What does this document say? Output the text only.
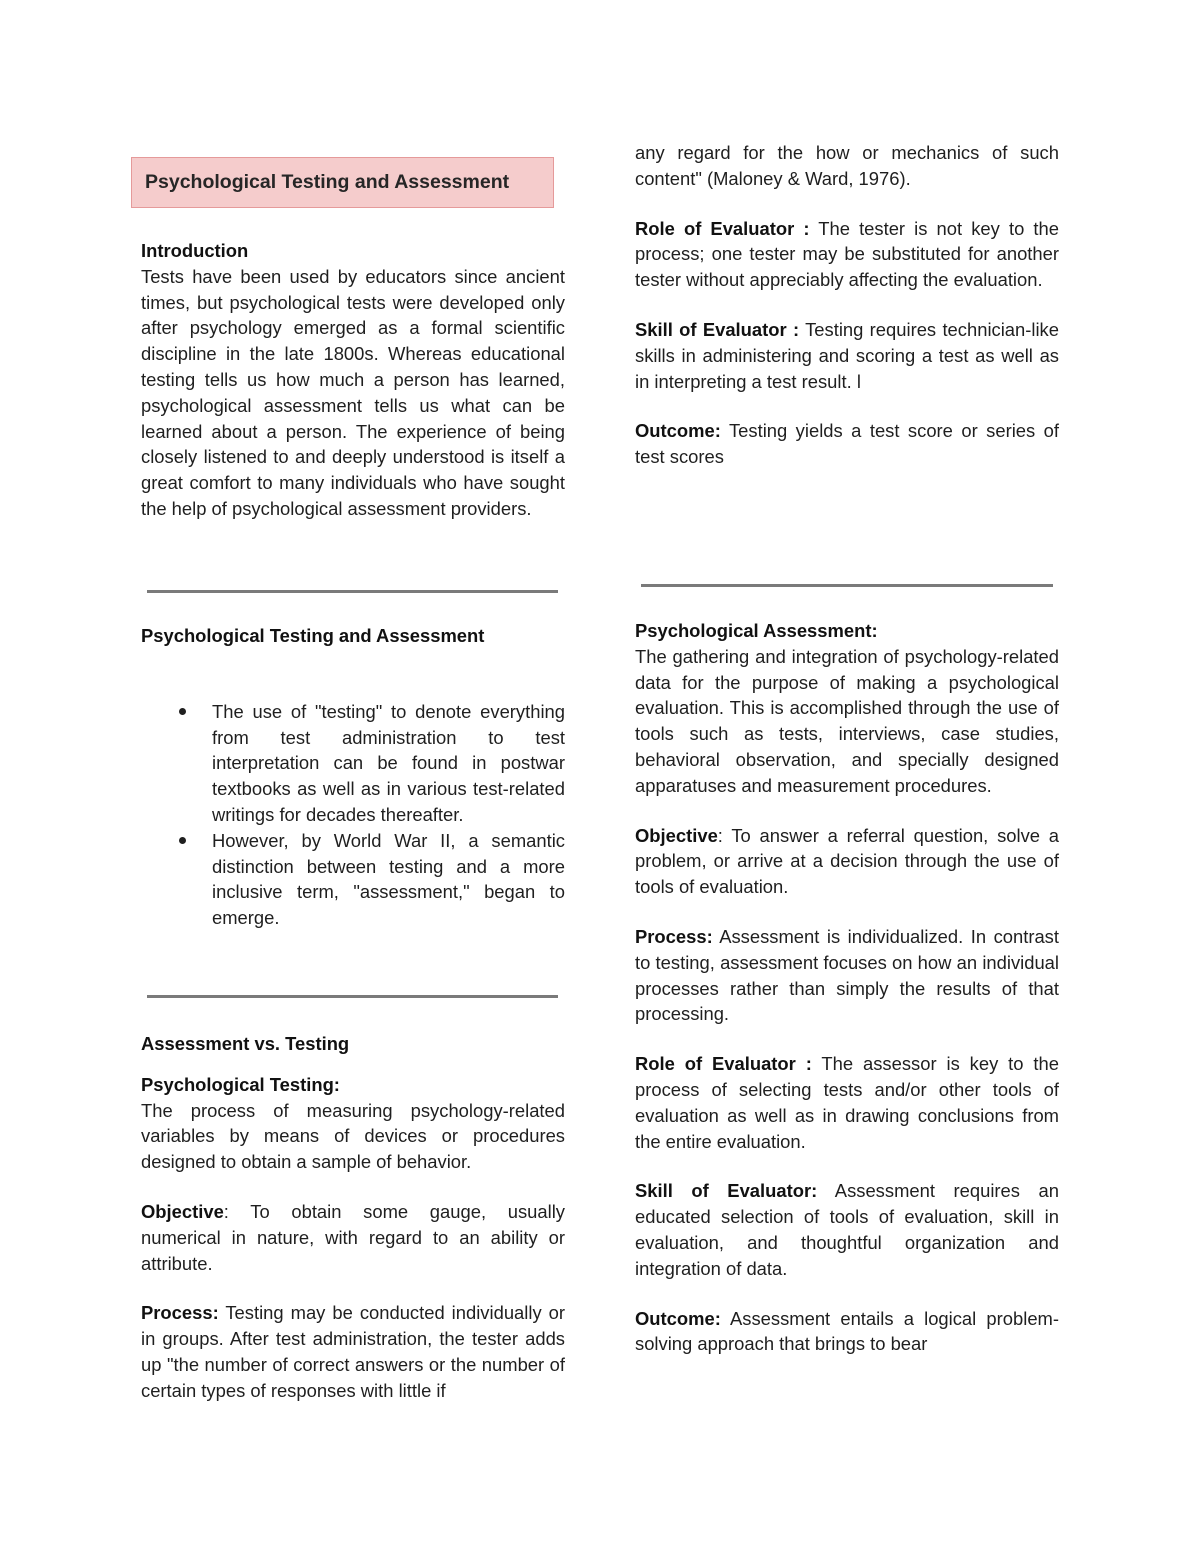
Psychological Testing and Assessment

Introduction

Tests have been used by educators since ancient times, but psychological tests were developed only after psychology emerged as a formal scientific discipline in the late 1800s. Whereas educational testing tells us how much a person has learned, psychological assessment tells us what can be learned about a person. The experience of being closely listened to and deeply understood is itself a great comfort to many individuals who have sought the help of psychological assessment providers.

Psychological Testing and Assessment

The use of "testing" to denote everything from test administration to test interpretation can be found in postwar textbooks as well as in various test-related writings for decades thereafter.

However, by World War II, a semantic distinction between testing and a more inclusive term, "assessment," began to emerge.

Assessment vs. Testing

Psychological Testing:

The process of measuring psychology-related variables by means of devices or procedures designed to obtain a sample of behavior.

Objective: To obtain some gauge, usually numerical in nature, with regard to an ability or attribute.

Process: Testing may be conducted individually or in groups. After test administration, the tester adds up "the number of correct answers or the number of certain types of responses with little if

any regard for the how or mechanics of such content" (Maloney & Ward, 1976).

Role of Evaluator : The tester is not key to the process; one tester may be substituted for another tester without appreciably affecting the evaluation.

Skill of Evaluator : Testing requires technician-like skills in administering and scoring a test as well as in interpreting a test result. l

Outcome: Testing yields a test score or series of test scores

Psychological Assessment:

The gathering and integration of psychology-related data for the purpose of making a psychological evaluation. This is accomplished through the use of tools such as tests, interviews, case studies, behavioral observation, and specially designed apparatuses and measurement procedures.

Objective: To answer a referral question, solve a problem, or arrive at a decision through the use of tools of evaluation.

Process: Assessment is individualized. In contrast to testing, assessment focuses on how an individual processes rather than simply the results of that processing.

Role of Evaluator : The assessor is key to the process of selecting tests and/or other tools of evaluation as well as in drawing conclusions from the entire evaluation.

Skill of Evaluator: Assessment requires an educated selection of tools of evaluation, skill in evaluation, and thoughtful organization and integration of data.

Outcome: Assessment entails a logical problem-solving approach that brings to bear
